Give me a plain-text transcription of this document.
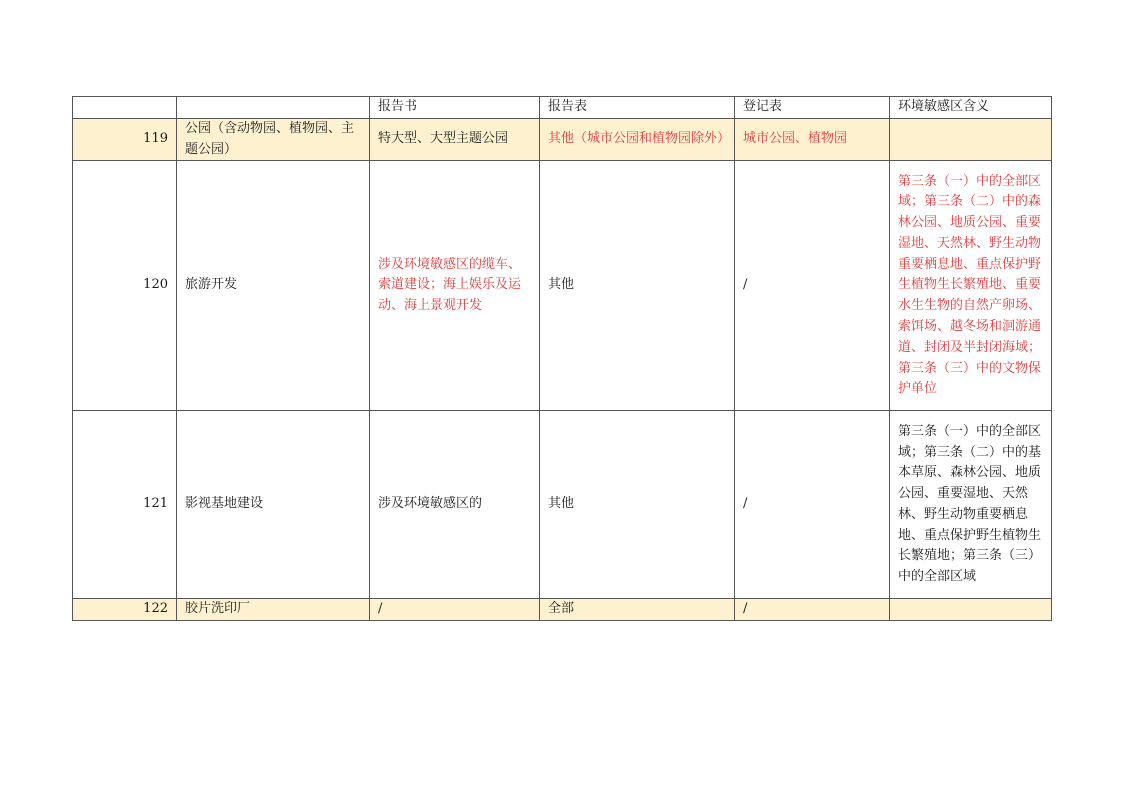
		报告书	报告表	登记表	环境敏感区含义
119	公园（含动物园、植物园、主题公园）	特大型、大型主题公园	其他（城市公园和植物园除外）	城市公园、植物园	
120	旅游开发	涉及环境敏感区的缆车、索道建设；海上娱乐及运动、海上景观开发	其他	/	第三条（一）中的全部区域；第三条（二）中的森林公园、地质公园、重要湿地、天然林、野生动物重要栖息地、重点保护野生植物生长繁殖地、重要水生生物的自然产卵场、索饵场、越冬场和洄游通道、封闭及半封闭海域；第三条（三）中的文物保护单位
121	影视基地建设	涉及环境敏感区的	其他	/	第三条（一）中的全部区域；第三条（二）中的基本草原、森林公园、地质公园、重要湿地、天然林、野生动物重要栖息地、重点保护野生植物生长繁殖地；第三条（三）中的全部区域
122	胶片洗印厂	/	全部	/	
